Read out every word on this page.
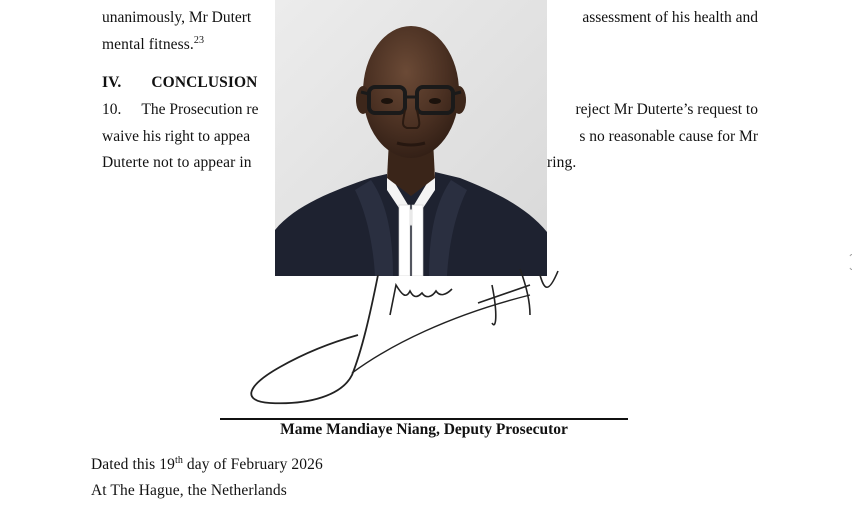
unanimously, Mr Dutert	assessment of his health and
mental fitness.$^{23}$
IV. CONCLUSION
10. The Prosecution re	reject Mr Duterte’s request to
waive his right to appea	s no reasonable cause for Mr
Duterte not to appear in	ring.
Mame Mandiaye Niang, Deputy Prosecutor
Dated this 19th day of February 2026
At The Hague, the Netherlands
